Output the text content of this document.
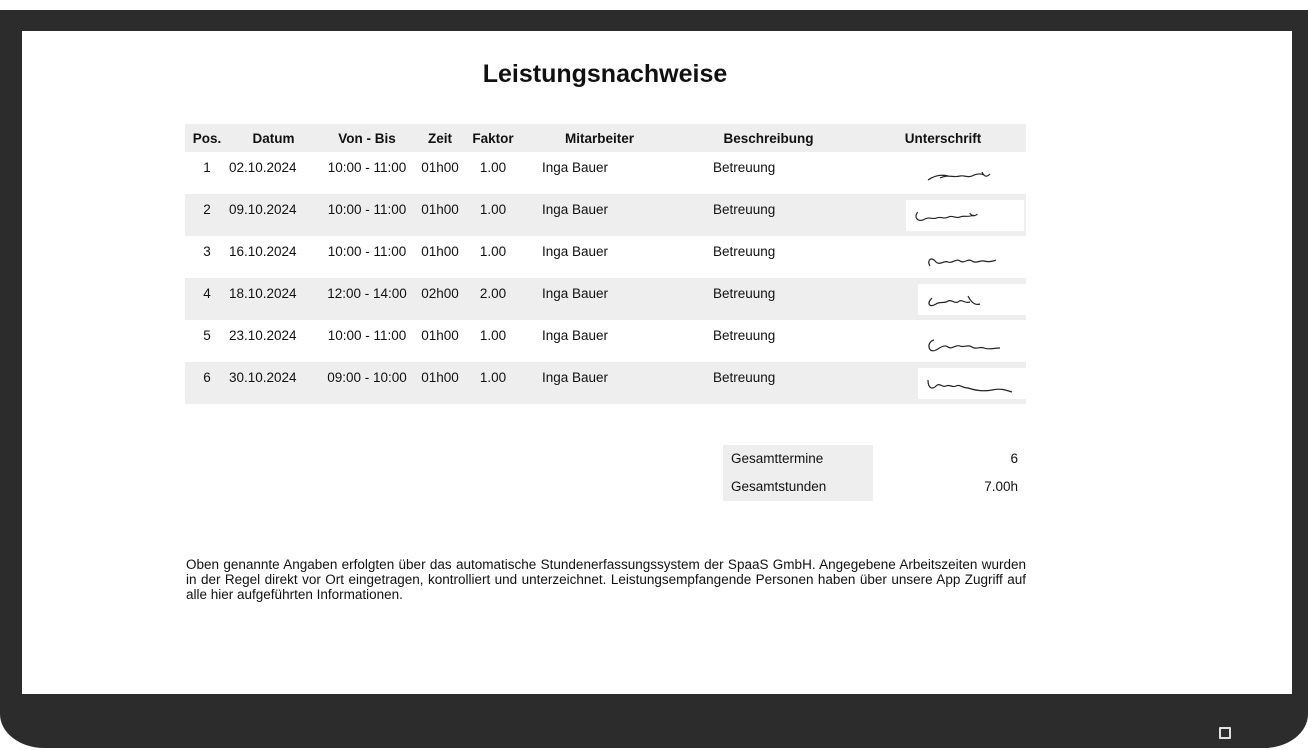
Leistungsnachweise
Pos.	Datum	Von - Bis	Zeit	Faktor	Mitarbeiter	Beschreibung	Unterschrift

1	02.10.2024	10:00 - 11:00	01h00	1.00	Inga Bauer	Betreuung

2	09.10.2024	10:00 - 11:00	01h00	1.00	Inga Bauer	Betreuung

3	16.10.2024	10:00 - 11:00	01h00	1.00	Inga Bauer	Betreuung

4	18.10.2024	12:00 - 14:00	02h00	2.00	Inga Bauer	Betreuung

5	23.10.2024	10:00 - 11:00	01h00	1.00	Inga Bauer	Betreuung

6	30.10.2024	09:00 - 10:00	01h00	1.00	Inga Bauer	Betreuung

Gesamttermine	6
Gesamtstunden	7.00h

Oben genannte Angaben erfolgten über das automatische Stundenerfassungssystem der SpaaS GmbH. Angegebene Arbeitszeiten wurden in der Regel direkt vor Ort eingetragen, kontrolliert und unterzeichnet. Leistungsempfangende Personen haben über unsere App Zugriff auf alle hier aufgeführten Informationen.
